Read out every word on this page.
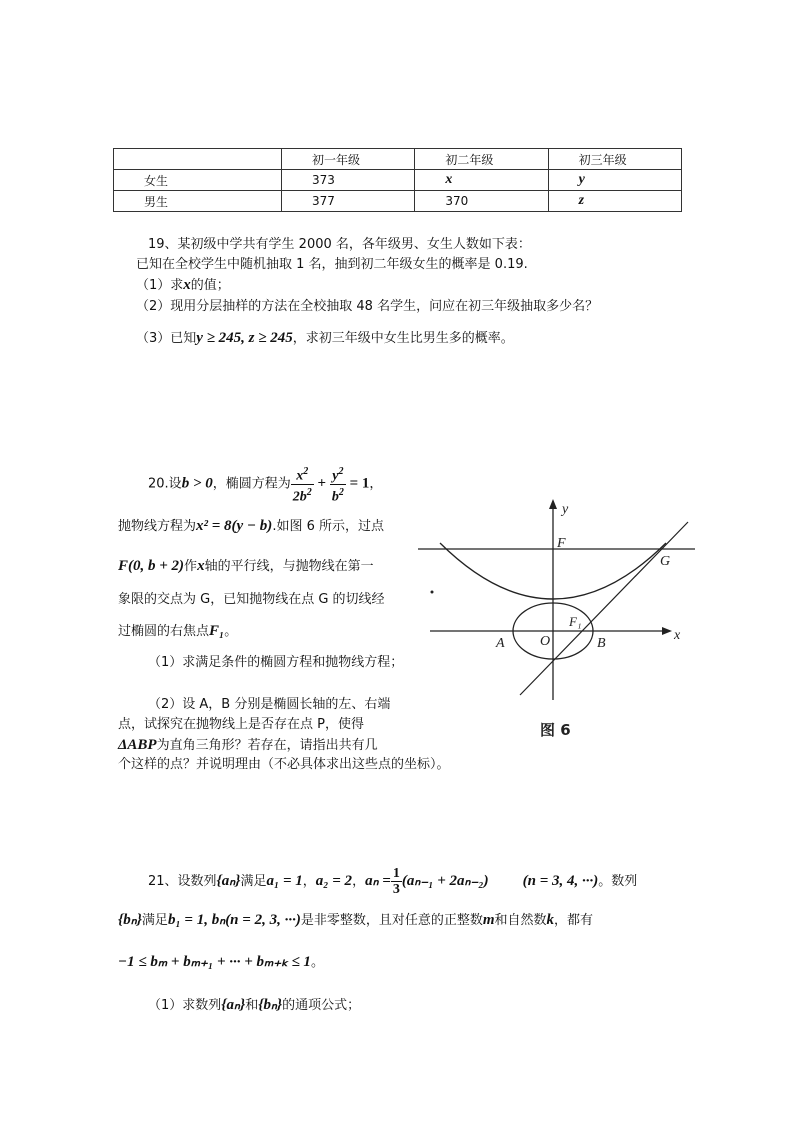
	初一年级	初二年级	初三年级
女生	373	x	y
男生	377	370	z
19、某初级中学共有学生 2000 名，各年级男、女生人数如下表：
已知在全校学生中随机抽取 1 名，抽到初二年级女生的概率是 0.19.
（1）求x的值；
（2）现用分层抽样的方法在全校抽取 48 名学生，问应在初三年级抽取多少名？
（3）已知y ≥ 245, z ≥ 245，求初三年级中女生比男生多的概率。
20.设b > 0，椭圆方程为 $\frac{x^2}{2b^2} + \frac{y^2}{b^2} = 1$，
抛物线方程为x² = 8(y − b).如图 6 所示，过点
F(0, b + 2)作x轴的平行线，与抛物线在第一
象限的交点为 G，已知抛物线在点 G 的切线经
过椭圆的右焦点F₁。
（1）求满足条件的椭圆方程和抛物线方程；
（2）设 A，B 分别是椭圆长轴的左、右端
点，试探究在抛物线上是否存在点 P，使得
ΔABP为直角三角形？若存在，请指出共有几
个这样的点？并说明理由（不必具体求出这些点的坐标）。
y
x
F
G
F₁
A	O	B
图 6
21、设数列{aₙ}满足a₁ = 1，a₂ = 2，$a_n = \frac{1}{3} (a_{n-1} + 2a_{n-2}) (n = 3$, 4, ···)。数列
{bₙ}满足b₁ = 1, bₙ(n = 2, 3, ···)是非零整数，且对任意的正整数m和自然数k，都有
−1 ≤ bₘ + bₘ₊₁ + ··· + bₘ₊ₖ ≤ 1。
（1）求数列{aₙ}和{bₙ}的通项公式；
